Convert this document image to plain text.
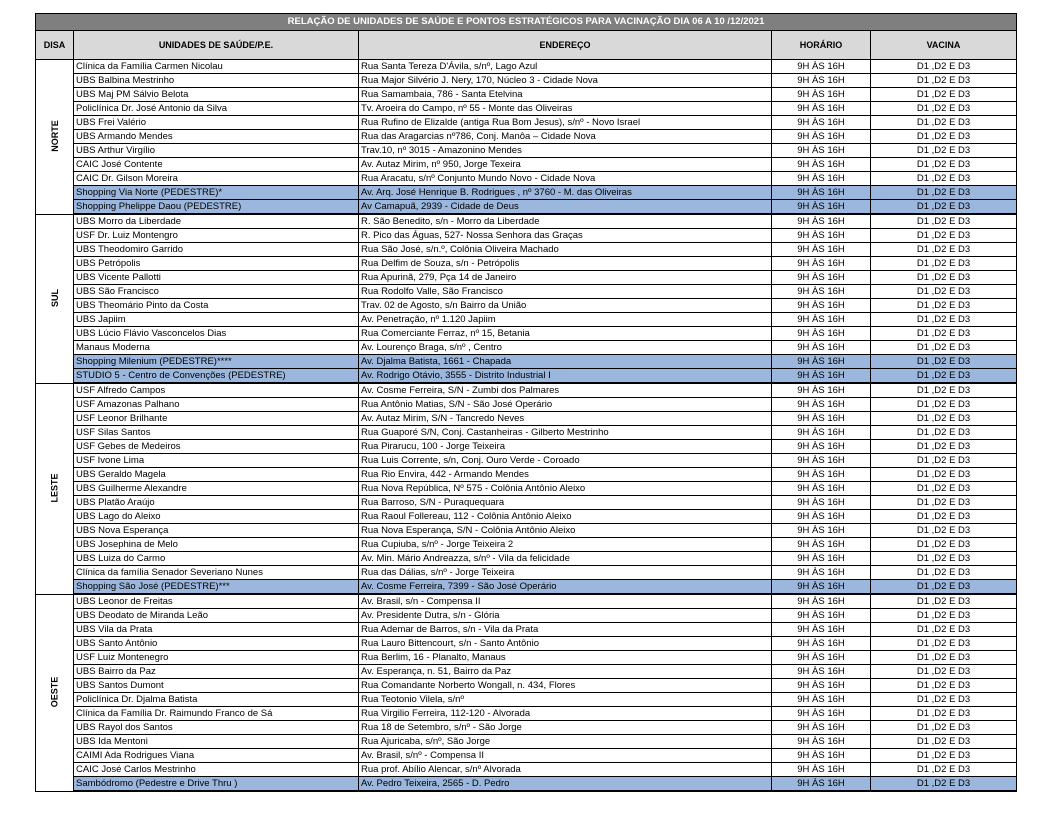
RELAÇÃO DE UNIDADES DE SAÚDE E PONTOS ESTRATÉGICOS PARA VACINAÇÃO DIA 06 A 10 /12/2021				
DISA	UNIDADES DE SAÚDE/P.E.	ENDEREÇO	HORÁRIO	VACINA
NORTE	Clínica da Família Carmen Nicolau	Rua Santa Tereza D'Ávila, s/nº, Lago Azul	9H ÀS 16H	D1 ,D2 E D3
	UBS Balbina Mestrinho	Rua Major Silvério J. Nery, 170, Núcleo 3 - Cidade Nova	9H ÀS 16H	D1 ,D2 E D3
	UBS Maj PM Sálvio Belota	Rua Samambaia, 786 - Santa Etelvina	9H ÀS 16H	D1 ,D2 E D3
	Policlínica Dr. José Antonio da Silva	Tv. Aroeira do Campo, nº 55 - Monte das Oliveiras	9H ÀS 16H	D1 ,D2 E D3
	UBS Frei Valério	Rua Rufino de Elizalde (antiga Rua Bom Jesus), s/nº - Novo Israel	9H ÀS 16H	D1 ,D2 E D3
	UBS Armando Mendes	Rua das Aragarcias nº786, Conj. Manôa – Cidade Nova	9H ÀS 16H	D1 ,D2 E D3
	UBS Arthur Virgílio	Trav.10, nº 3015 - Amazonino Mendes	9H ÀS 16H	D1 ,D2 E D3
	CAIC José Contente	Av. Autaz Mirim, nº 950, Jorge Texeira	9H ÀS 16H	D1 ,D2 E D3
	CAIC Dr. Gilson Moreira	Rua Aracatu, s/nº Conjunto Mundo Novo - Cidade Nova	9H ÀS 16H	D1 ,D2 E D3
	Shopping Via Norte (PEDESTRE)*	Av. Arq. José Henrique B. Rodrigues , nº 3760 - M. das Oliveiras	9H ÀS 16H	D1 ,D2 E D3
	Shopping Phelippe Daou (PEDESTRE)	Av Camapuã, 2939 - Cidade de Deus	9H ÀS 16H	D1 ,D2 E D3
SUL	UBS Morro da Liberdade	R. São Benedito, s/n - Morro da Liberdade	9H ÀS 16H	D1 ,D2 E D3
	USF Dr. Luiz Montengro	R. Pico das Águas, 527- Nossa Senhora das Graças	9H ÀS 16H	D1 ,D2 E D3
	UBS Theodomiro Garrido	Rua São José, s/n.º, Colônia Oliveira Machado	9H ÀS 16H	D1 ,D2 E D3
	UBS Petrópolis	Rua Delfim de Souza, s/n - Petrópolis	9H ÀS 16H	D1 ,D2 E D3
	UBS Vicente Pallotti	Rua Apurinã, 279, Pça 14 de Janeiro	9H ÀS 16H	D1 ,D2 E D3
	UBS São Francisco	Rua Rodolfo Valle, São Francisco	9H ÀS 16H	D1 ,D2 E D3
	UBS Theomário Pinto da Costa	Trav. 02 de Agosto, s/n Bairro da União	9H ÀS 16H	D1 ,D2 E D3
	UBS Japiim	Av. Penetração, nº 1.120 Japiim	9H ÀS 16H	D1 ,D2 E D3
	UBS Lúcio Flávio Vasconcelos Dias	Rua Comerciante Ferraz, nº 15, Betania	9H ÀS 16H	D1 ,D2 E D3
	Manaus Moderna	Av. Lourenço Braga, s/nº , Centro	9H ÀS 16H	D1 ,D2 E D3
	Shopping Milenium (PEDESTRE)****	Av. Djalma Batista, 1661 - Chapada	9H ÀS 16H	D1 ,D2 E D3
	STUDIO 5 - Centro de Convenções (PEDESTRE)	Av. Rodrigo Otávio, 3555 - Distrito Industrial I	9H ÀS 16H	D1 ,D2 E D3
LESTE	USF Alfredo Campos	Av. Cosme Ferreira, S/N - Zumbi dos Palmares	9H ÀS 16H	D1 ,D2 E D3
	USF Amazonas Palhano	Rua Antônio Matias, S/N - São José Operário	9H ÀS 16H	D1 ,D2 E D3
	USF Leonor Brilhante	Av. Autaz Mirim, S/N - Tancredo Neves	9H ÀS 16H	D1 ,D2 E D3
	USF Silas Santos	Rua Guaporé S/N, Conj. Castanheiras - Gilberto Mestrinho	9H ÀS 16H	D1 ,D2 E D3
	USF Gebes de Medeiros	Rua Pirarucu, 100 - Jorge Teixeira	9H ÀS 16H	D1 ,D2 E D3
	USF Ivone Lima	Rua Luis Corrente, s/n, Conj. Ouro Verde - Coroado	9H ÀS 16H	D1 ,D2 E D3
	UBS Geraldo Magela	Rua Rio Envira, 442 - Armando Mendes	9H ÀS 16H	D1 ,D2 E D3
	UBS Guilherme Alexandre	Rua Nova República, Nº 575 - Colônia Antônio Aleixo	9H ÀS 16H	D1 ,D2 E D3
	UBS Platão Araújo	Rua Barroso, S/N - Puraquequara	9H ÀS 16H	D1 ,D2 E D3
	UBS Lago do Aleixo	Rua Raoul Follereau, 112 - Colônia Antônio Aleixo	9H ÀS 16H	D1 ,D2 E D3
	UBS Nova Esperança	Rua Nova Esperança, S/N - Colônia Antônio Aleixo	9H ÀS 16H	D1 ,D2 E D3
	UBS Josephina de Melo	Rua Cupiuba, s/nº - Jorge Teixeira 2	9H ÀS 16H	D1 ,D2 E D3
	UBS Luiza do Carmo	Av. Min. Mário Andreazza, s/nº - Vila da felicidade	9H ÀS 16H	D1 ,D2 E D3
	Clínica da família Senador Severiano Nunes	Rua das Dálias, s/nº - Jorge Teixeira	9H ÀS 16H	D1 ,D2 E D3
	Shopping São José (PEDESTRE)***	Av. Cosme Ferreira, 7399 - São José Operário	9H ÀS 16H	D1 ,D2 E D3
OESTE	UBS Leonor de Freitas	Av. Brasil, s/n - Compensa II	9H ÀS 16H	D1 ,D2 E D3
	UBS Deodato de Miranda Leão	Av. Presidente Dutra, s/n - Glória	9H ÀS 16H	D1 ,D2 E D3
	UBS Vila da Prata	Rua Ademar de Barros, s/n - Vila da Prata	9H ÀS 16H	D1 ,D2 E D3
	UBS Santo Antônio	Rua Lauro Bittencourt, s/n - Santo Antônio	9H ÀS 16H	D1 ,D2 E D3
	USF Luiz Montenegro	Rua Berlim, 16 - Planalto, Manaus	9H ÀS 16H	D1 ,D2 E D3
	UBS Bairro da Paz	Av. Esperança, n. 51, Bairro da Paz	9H ÀS 16H	D1 ,D2 E D3
	UBS Santos Dumont	Rua Comandante Norberto Wongall, n. 434, Flores	9H ÀS 16H	D1 ,D2 E D3
	Policlínica Dr. Djalma Batista	Rua Teotonio Vilela, s/nº	9H ÀS 16H	D1 ,D2 E D3
	Clínica da Família Dr. Raimundo Franco de Sá	Rua Virgilio Ferreira, 112-120 - Alvorada	9H ÀS 16H	D1 ,D2 E D3
	UBS Rayol dos Santos	Rua 18 de Setembro, s/nº - São Jorge	9H ÀS 16H	D1 ,D2 E D3
	UBS Ida Mentoni	Rua Ajuricaba, s/nº, São Jorge	9H ÀS 16H	D1 ,D2 E D3
	CAIMI Ada Rodrigues Viana	Av. Brasil, s/nº - Compensa II	9H ÀS 16H	D1 ,D2 E D3
	CAIC José Carlos Mestrinho	Rua prof. Abílio Alencar, s/nº Alvorada	9H ÀS 16H	D1 ,D2 E D3
	Sambódromo (Pedestre e Drive Thru )	Av. Pedro Teixeira, 2565 - D. Pedro	9H ÀS 16H	D1 ,D2 E D3
